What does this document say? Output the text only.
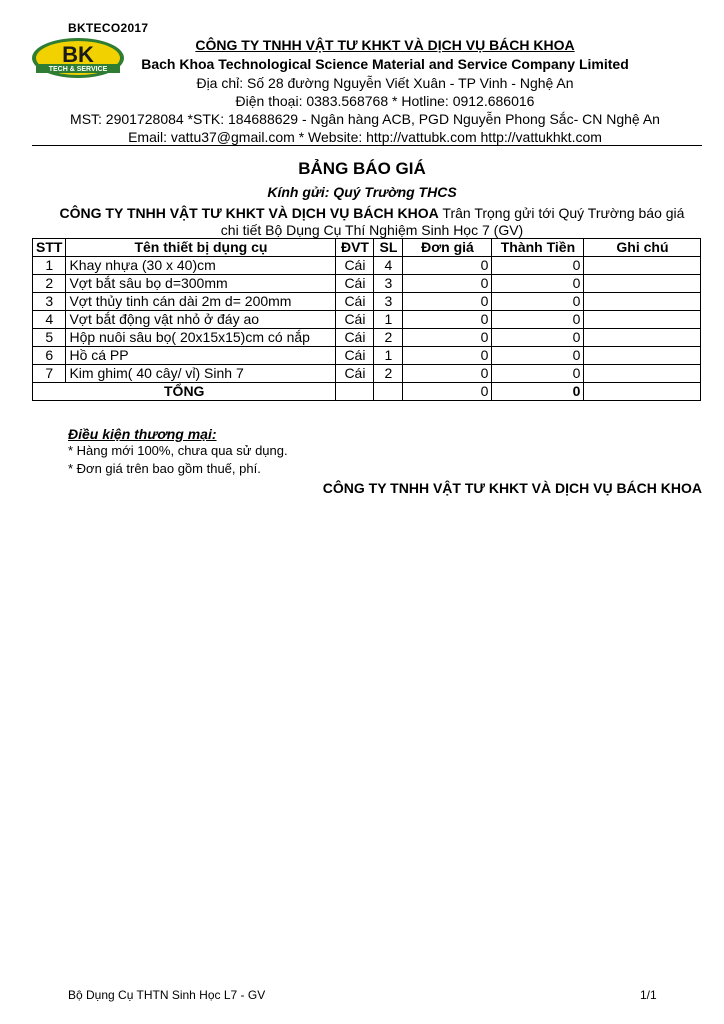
BKTECO2017
BK
TECH & SERVICE
CÔNG TY TNHH VẬT TƯ KHKT VÀ DỊCH VỤ BÁCH KHOA
Bach Khoa Technological Science Material and Service Company Limited
Địa chỉ: Số 28 đường Nguyễn Viết Xuân - TP Vinh - Nghệ An
Điện thoại: 0383.568768 * Hotline: 0912.686016
MST: 2901728084 *STK: 184688629 - Ngân hàng ACB, PGD Nguyễn Phong Sắc- CN Nghệ An
Email: vattu37@gmail.com * Website: http://vattubk.com http://vattukhkt.com
BẢNG BÁO GIÁ
Kính gửi: Quý Trường THCS
CÔNG TY TNHH VẬT TƯ KHKT VÀ DỊCH VỤ BÁCH KHOA Trân Trọng gửi tới Quý Trường báo giá
chi tiết Bộ Dụng Cụ Thí Nghiệm Sinh Học 7 (GV)
STT	Tên thiết bị dụng cụ	ĐVT	SL	Đơn giá	Thành Tiền	Ghi chú
1	Khay nhựa (30 x 40)cm	Cái	4	0	0	
2	Vợt bắt sâu bọ d=300mm	Cái	3	0	0	
3	Vợt thủy tinh cán dài 2m d= 200mm	Cái	3	0	0	
4	Vợt bắt động vật nhỏ ở đáy ao	Cái	1	0	0	
5	Hộp nuôi sâu bọ( 20x15x15)cm có nắp	Cái	2	0	0	
6	Hồ cá PP	Cái	1	0	0	
7	Kim ghim( 40 cây/ vỉ) Sinh 7	Cái	2	0	0	
TỔNG				0	0	
Điều kiện thương mại:
* Hàng mới 100%, chưa qua sử dụng.
* Đơn giá trên bao gồm thuế, phí.
CÔNG TY TNHH VẬT TƯ KHKT VÀ DỊCH VỤ BÁCH KHOA
Bộ Dụng Cụ THTN Sinh Học L7 - GV	1/1
